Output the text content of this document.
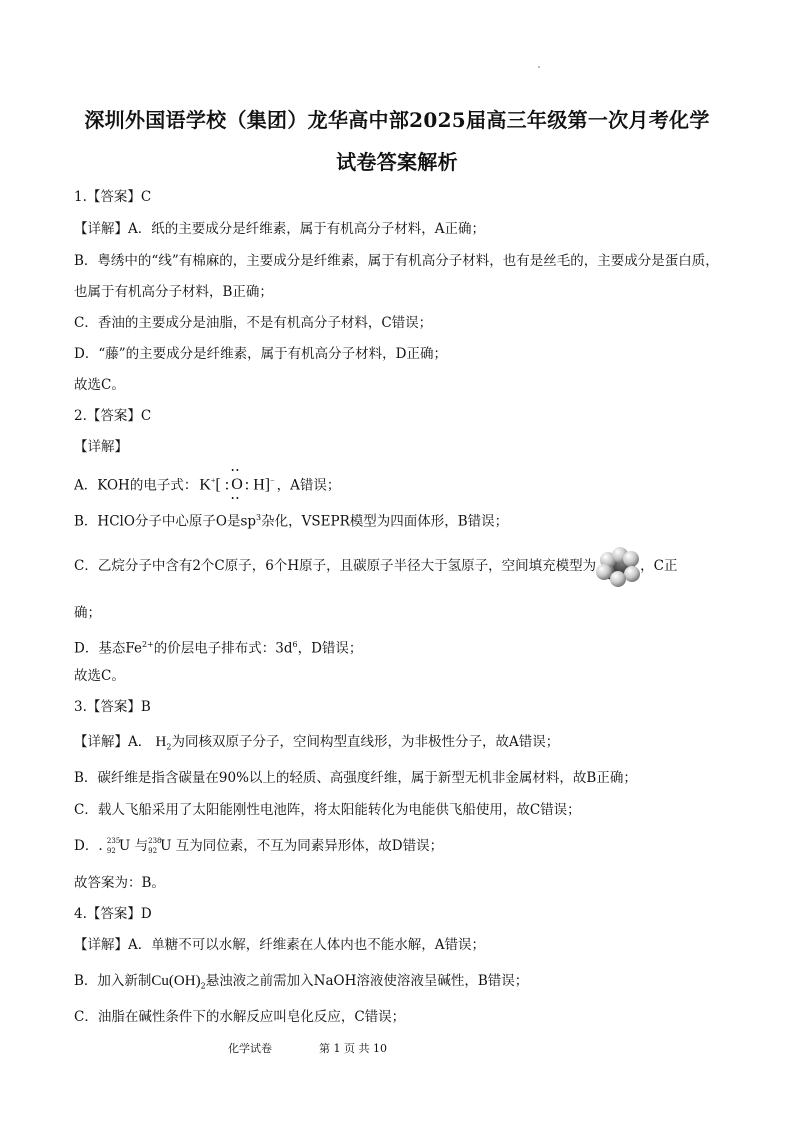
深圳外国语学校（集团）龙华高中部2025届高三年级第一次月考化学
试卷答案解析
1.【答案】C
【详解】A．纸的主要成分是纤维素，属于有机高分子材料，A正确；
B．粤绣中的“线”有棉麻的，主要成分是纤维素，属于有机高分子材料，也有是丝毛的，主要成分是蛋白质，
也属于有机高分子材料，B正确；
C．香油的主要成分是油脂，不是有机高分子材料，C错误；
D．“藤”的主要成分是纤维素，属于有机高分子材料，D正确；
故选C。
2.【答案】C
【详解】
A．KOH的电子式： K+[ :
••
O
••
: H]− ，A错误；
B．HClO分子中心原子O是$sp^3$杂化，VSEPR模型为四面体形，B错误；
C．乙烷分子中含有2个C原子，6个H原子，且碳原子半径大于氢原子，空间填充模型为	，C正
确；
D．基态$Fe^{2+}$的价层电子排布式：$3d^6$，D错误；
故选C。
3.【答案】B
【详解】A． $H_2$为同核双原子分子，空间构型直线形，为非极性分子，故A错误；
B．碳纤维是指含碳量在90%以上的轻质、高强度纤维，属于新型无机非金属材料，故B正确；
C．载人飞船采用了太阳能刚性电池阵，将太阳能转化为电能供飞船使用，故C错误；
D．. 235
92 U 与 238
92 U 互为同位素，不互为同素异形体，故D错误；
故答案为：B。
4.【答案】D
【详解】A．单糖不可以水解，纤维素在人体内也不能水解，A错误；
B．加入新制$Cu(OH)_2$悬浊液之前需加入NaOH溶液使溶液呈碱性，B错误；
C．油脂在碱性条件下的水解反应叫皂化反应，C错误；
化学试卷	第 1 页 共 10
